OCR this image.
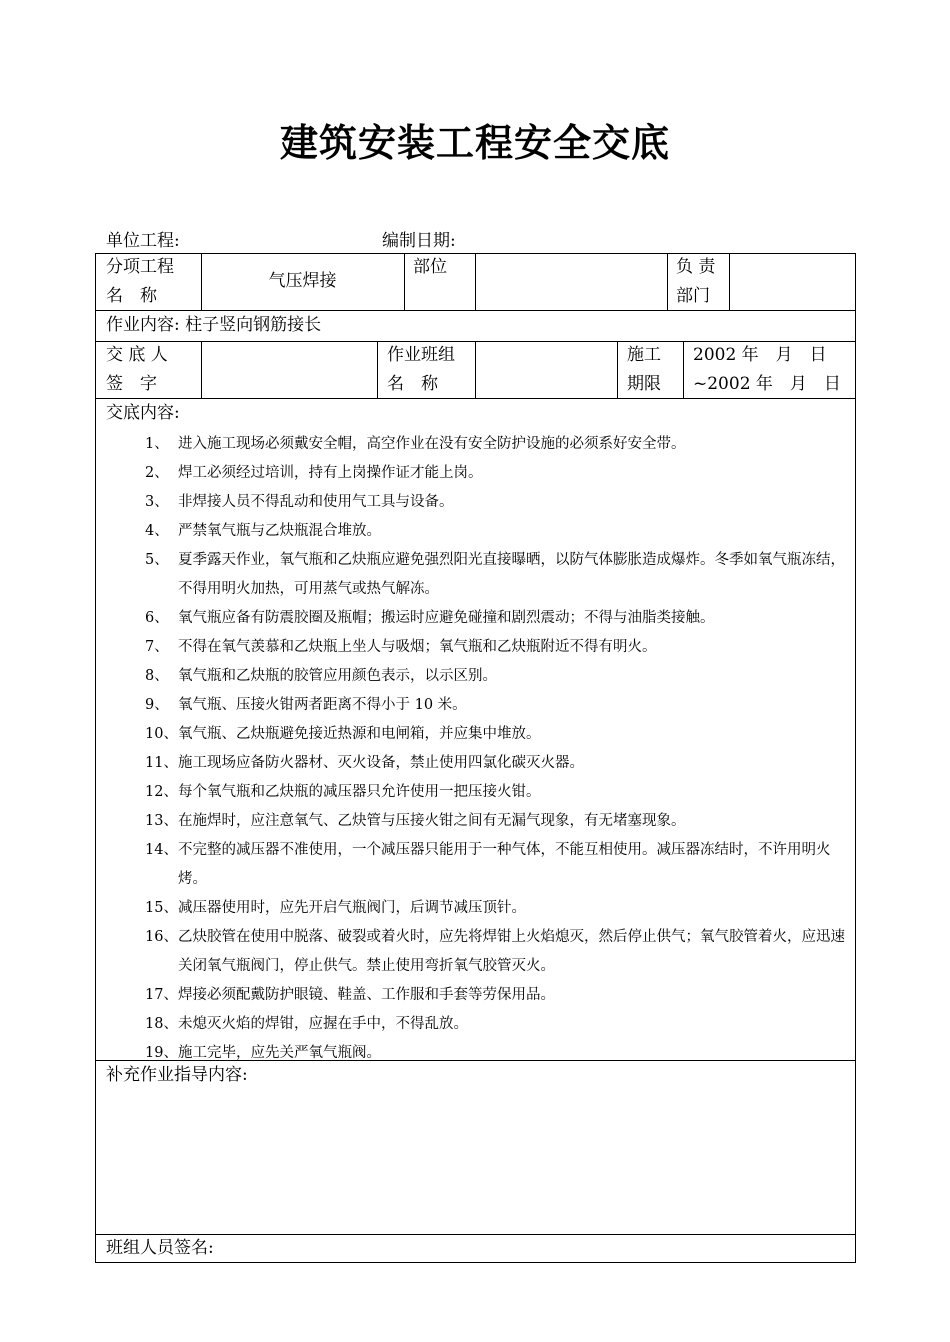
建筑安装工程安全交底
单位工程:	编制日期:
分项工程
名　称
气压焊接
部位	负 责
部门
作业内容: 柱子竖向钢筋接长
交 底 人
签　字
作业班组
名　称
施工
期限
2002 年　月　日
~2002 年　月　日
交底内容:
1、 进入施工现场必须戴安全帽，高空作业在没有安全防护设施的必须系好安全带。
2、 焊工必须经过培训，持有上岗操作证才能上岗。
3、 非焊接人员不得乱动和使用气工具与设备。
4、 严禁氧气瓶与乙炔瓶混合堆放。
5、 夏季露天作业，氧气瓶和乙炔瓶应避免强烈阳光直接曝晒，以防气体膨胀造成爆炸。冬季如氧气瓶冻结，不得用明火加热，可用蒸气或热气解冻。
6、 氧气瓶应备有防震胶圈及瓶帽；搬运时应避免碰撞和剧烈震动；不得与油脂类接触。
7、 不得在氧气羡慕和乙炔瓶上坐人与吸烟；氧气瓶和乙炔瓶附近不得有明火。
8、 氧气瓶和乙炔瓶的胶管应用颜色表示，以示区别。
9、 氧气瓶、压接火钳两者距离不得小于 10 米。
10、 氧气瓶、乙炔瓶避免接近热源和电闸箱，并应集中堆放。
11、 施工现场应备防火器材、灭火设备，禁止使用四氯化碳灭火器。
12、 每个氧气瓶和乙炔瓶的减压器只允许使用一把压接火钳。
13、 在施焊时，应注意氧气、乙炔管与压接火钳之间有无漏气现象，有无堵塞现象。
14、 不完整的减压器不准使用，一个减压器只能用于一种气体，不能互相使用。减压器冻结时，不许用明火烤。
15、 减压器使用时，应先开启气瓶阀门，后调节减压顶针。
16、 乙炔胶管在使用中脱落、破裂或着火时，应先将焊钳上火焰熄灭，然后停止供气；氧气胶管着火，应迅速关闭氧气瓶阀门，停止供气。禁止使用弯折氧气胶管灭火。
17、 焊接必须配戴防护眼镜、鞋盖、工作服和手套等劳保用品。
18、 未熄灭火焰的焊钳，应握在手中，不得乱放。
19、 施工完毕，应先关严氧气瓶阀。
补充作业指导内容:
班组人员签名:
